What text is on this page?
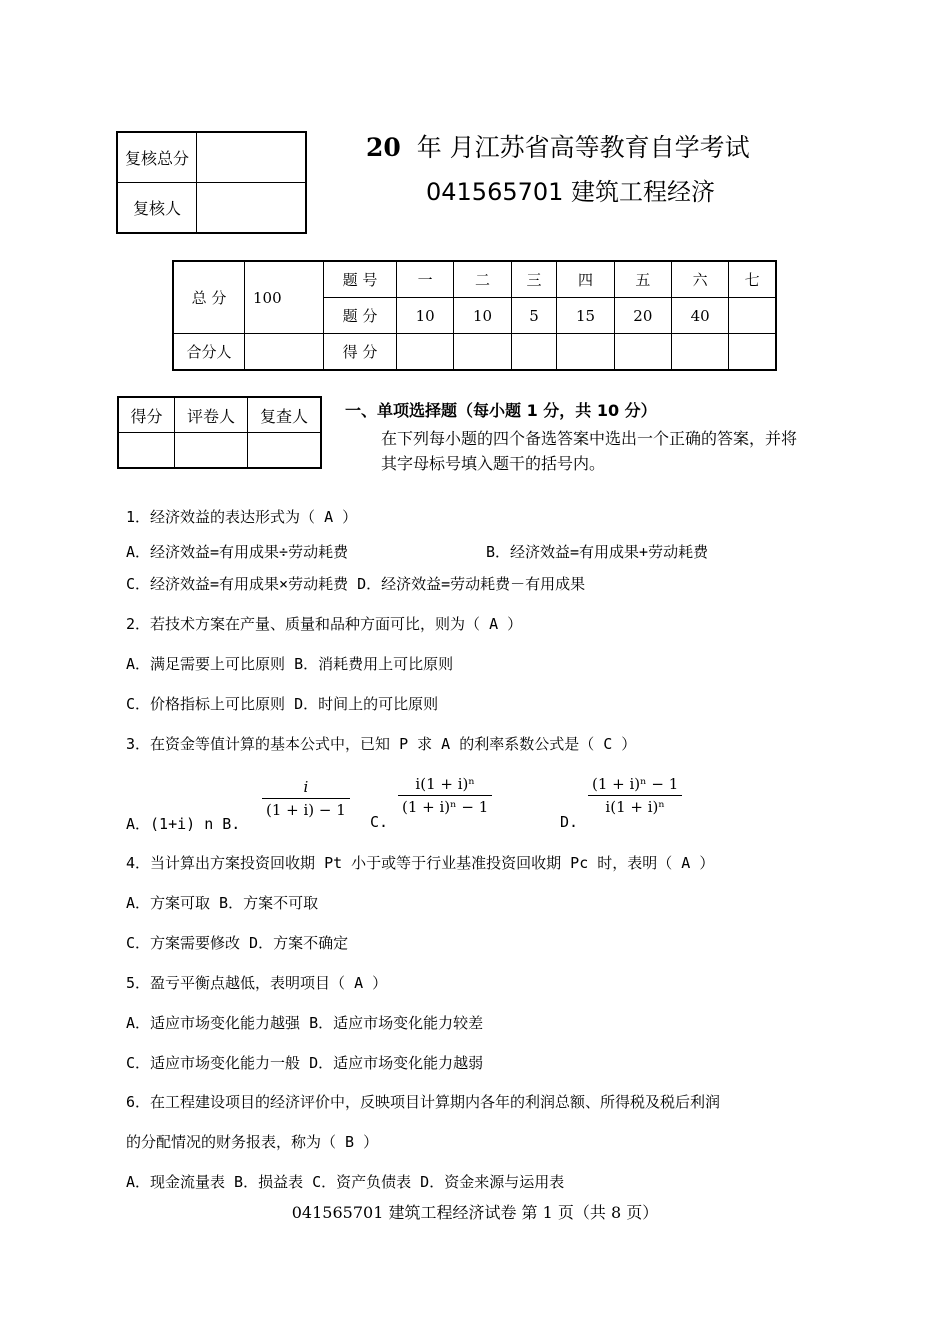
复核总分	
复核人	
20 年 月江苏省高等教育自学考试
041565701 建筑工程经济
总 分	100	题 号	一	二	三	四	五	六	七
		题 分	10	10	5	15	20	40	
合分人		得 分							
得分	评卷人	复查人
		一、单项选择题（每小题 1 分，共 10 分）
在下列每小题的四个备选答案中选出一个正确的答案，并将其字母标号填入题干的括号内。
1．经济效益的表达形式为（ A ）
A．经济效益=有用成果÷劳动耗费	B．经济效益=有用成果+劳动耗费
C．经济效益=有用成果×劳动耗费 D．经济效益=劳动耗费－有用成果
2．若技术方案在产量、质量和品种方面可比，则为（ A ）
A．满足需要上可比原则 B．消耗费用上可比原则
C．价格指标上可比原则 D．时间上的可比原则
3．在资金等值计算的基本公式中，已知 P 求 A 的利率系数公式是（ C ）
A．(1+i) n B.
$\frac{i}{(1 + i) - 1}$
C.
$\frac{\text{i(1 + i)ⁿ}}{\text{(1 + i)ⁿ − 1}}$
D.
$\frac{\text{(1 + i)ⁿ − 1}}{\text{i(1 + i)ⁿ}}$
4．当计算出方案投资回收期 Pt 小于或等于行业基准投资回收期 Pc 时，表明（ A ）
A．方案可取 B．方案不可取
C．方案需要修改 D．方案不确定
5．盈亏平衡点越低，表明项目（ A ）
A．适应市场变化能力越强 B．适应市场变化能力较差
C．适应市场变化能力一般 D．适应市场变化能力越弱
6．在工程建设项目的经济评价中，反映项目计算期内各年的利润总额、所得税及税后利润
的分配情况的财务报表，称为（ B ）
A．现金流量表 B．损益表 C．资产负债表 D．资金来源与运用表
041565701 建筑工程经济试卷 第 1 页（共 8 页）
